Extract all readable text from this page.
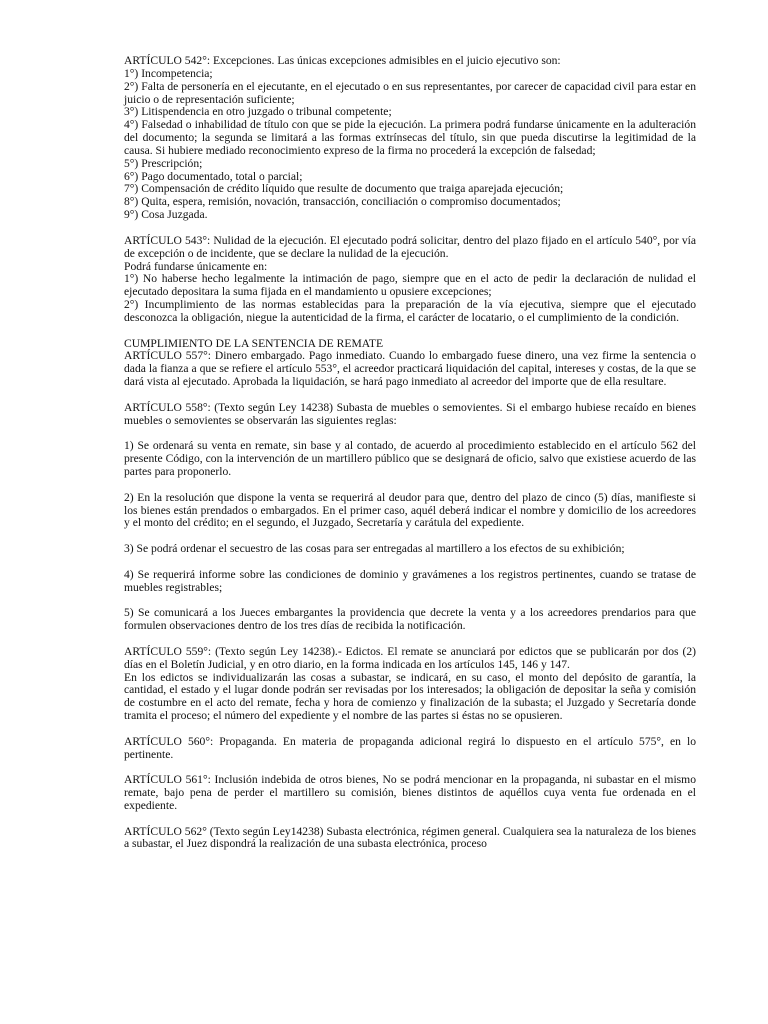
ARTÍCULO 542°: Excepciones. Las únicas excepciones admisibles en el juicio ejecutivo son:

1°) Incompetencia;

2°) Falta de personería en el ejecutante, en el ejecutado o en sus representantes, por carecer de capacidad civil para estar en juicio o de representación suficiente;

3°) Litispendencia en otro juzgado o tribunal competente;

4°) Falsedad o inhabilidad de título con que se pide la ejecución. La primera podrá fundarse únicamente en la adulteración del documento; la segunda se limitará a las formas extrínsecas del título, sin que pueda discutirse la legitimidad de la causa. Si hubiere mediado reconocimiento expreso de la firma no procederá la excepción de falsedad;

5°) Prescripción;

6°) Pago documentado, total o parcial;

7°) Compensación de crédito líquido que resulte de documento que traiga aparejada ejecución;

8°) Quita, espera, remisión, novación, transacción, conciliación o compromiso documentados;

9°) Cosa Juzgada.

ARTÍCULO 543°: Nulidad de la ejecución. El ejecutado podrá solicitar, dentro del plazo fijado en el artículo 540°, por vía de excepción o de incidente, que se declare la nulidad de la ejecución.

Podrá fundarse únicamente en:

1°) No haberse hecho legalmente la intimación de pago, siempre que en el acto de pedir la declaración de nulidad el ejecutado depositara la suma fijada en el mandamiento u opusiere excepciones;

2°) Incumplimiento de las normas establecidas para la preparación de la vía ejecutiva, siempre que el ejecutado desconozca la obligación, niegue la autenticidad de la firma, el carácter de locatario, o el cumplimiento de la condición.

CUMPLIMIENTO DE LA SENTENCIA DE REMATE

ARTÍCULO 557°: Dinero embargado. Pago inmediato. Cuando lo embargado fuese dinero, una vez firme la sentencia o dada la fianza a que se refiere el artículo 553°, el acreedor practicará liquidación del capital, intereses y costas, de la que se dará vista al ejecutado. Aprobada la liquidación, se hará pago inmediato al acreedor del importe que de ella resultare.

ARTÍCULO 558°: (Texto según Ley 14238) Subasta de muebles o semovientes. Si el embargo hubiese recaído en bienes muebles o semovientes se observarán las siguientes reglas:

1) Se ordenará su venta en remate, sin base y al contado, de acuerdo al procedimiento establecido en el artículo 562 del presente Código, con la intervención de un martillero público que se designará de oficio, salvo que existiese acuerdo de las partes para proponerlo.

2) En la resolución que dispone la venta se requerirá al deudor para que, dentro del plazo de cinco (5) días, manifieste si los bienes están prendados o embargados. En el primer caso, aquél deberá indicar el nombre y domicilio de los acreedores y el monto del crédito; en el segundo, el Juzgado, Secretaría y carátula del expediente.

3) Se podrá ordenar el secuestro de las cosas para ser entregadas al martillero a los efectos de su exhibición;

4) Se requerirá informe sobre las condiciones de dominio y gravámenes a los registros pertinentes, cuando se tratase de muebles registrables;

5) Se comunicará a los Jueces embargantes la providencia que decrete la venta y a los acreedores prendarios para que formulen observaciones dentro de los tres días de recibida la notificación.

ARTÍCULO 559°: (Texto según Ley 14238).- Edictos. El remate se anunciará por edictos que se publicarán por dos (2) días en el Boletín Judicial, y en otro diario, en la forma indicada en los artículos 145, 146 y 147.

En los edictos se individualizarán las cosas a subastar, se indicará, en su caso, el monto del depósito de garantía, la cantidad, el estado y el lugar donde podrán ser revisadas por los interesados; la obligación de depositar la seña y comisión de costumbre en el acto del remate, fecha y hora de comienzo y finalización de la subasta; el Juzgado y Secretaría donde tramita el proceso; el número del expediente y el nombre de las partes si éstas no se opusieren.

ARTÍCULO 560°: Propaganda. En materia de propaganda adicional regirá lo dispuesto en el artículo 575°, en lo pertinente.

ARTÍCULO 561°: Inclusión indebida de otros bienes, No se podrá mencionar en la propaganda, ni subastar en el mismo remate, bajo pena de perder el martillero su comisión, bienes distintos de aquéllos cuya venta fue ordenada en el expediente.

ARTÍCULO 562° (Texto según Ley14238) Subasta electrónica, régimen general. Cualquiera sea la naturaleza de los bienes a subastar, el Juez dispondrá la realización de una subasta electrónica, proceso
